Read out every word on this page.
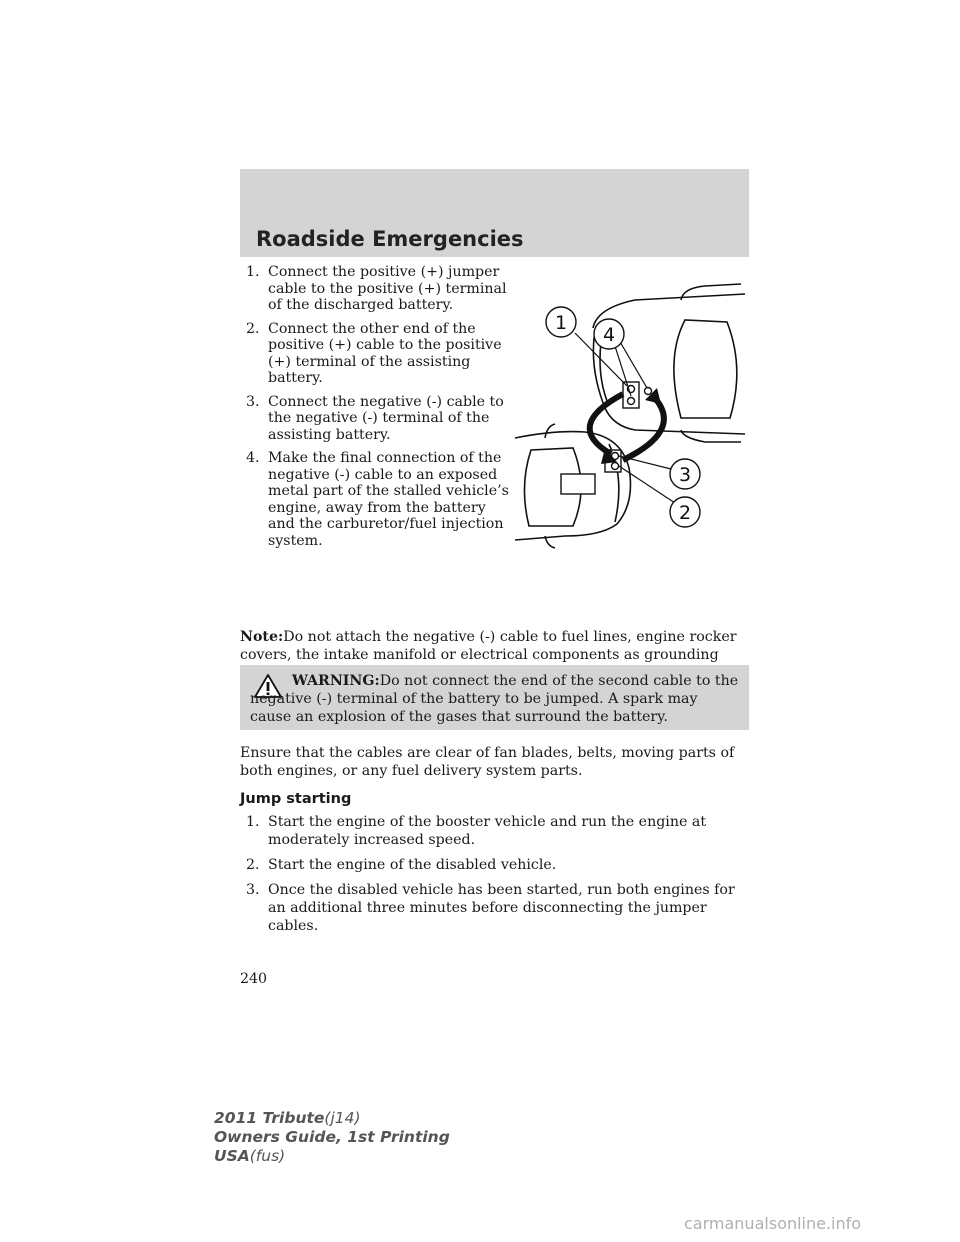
Roadside Emergencies
1. Connect the positive (+) jumper cable to the positive (+) terminal of the discharged battery.
2. Connect the other end of the positive (+) cable to the positive (+) terminal of the assisting battery.
3. Connect the negative (-) cable to the negative (-) terminal of the assisting battery.
4. Make the final connection of the negative (-) cable to an exposed metal part of the stalled vehicle’s engine, away from the battery and the carburetor/fuel injection system.
1
4
3
2

Note:Do not attach the negative (-) cable to fuel lines, engine rocker covers, the intake manifold or electrical components as grounding

WARNING:Do not connect the end of the second cable to the negative (-) terminal of the battery to be jumped. A spark may cause an explosion of the gases that surround the battery.

Ensure that the cables are clear of fan blades, belts, moving parts of both engines, or any fuel delivery system parts.

Jump starting
1. Start the engine of the booster vehicle and run the engine at moderately increased speed.
2. Start the engine of the disabled vehicle.
3. Once the disabled vehicle has been started, run both engines for an additional three minutes before disconnecting the jumper cables.
240
2011 Tribute(j14)
Owners Guide, 1st Printing
USA(fus)
carmanualsonline.info
